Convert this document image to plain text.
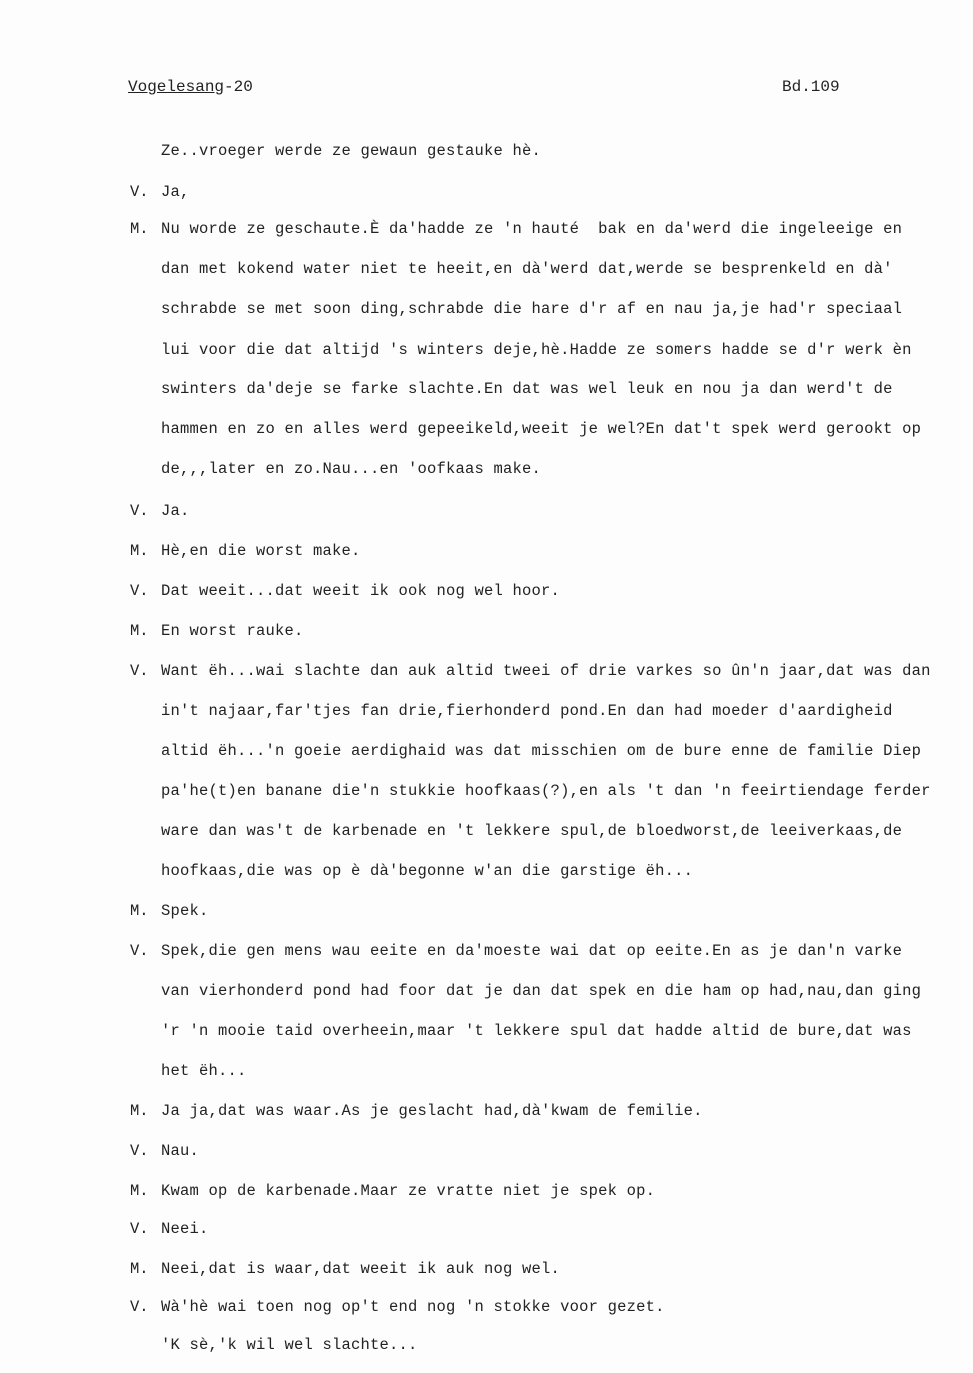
Vogelesang-20	Bd.109
Ze..vroeger werde ze gewaun gestauke hè.
V. Ja,
M. Nu worde ze geschaute.È da'hadde ze 'n hauté  bak en da'werd die ingeleeige en
dan met kokend water niet te heeit,en dà'werd dat,werde se besprenkeld en dà'
schrabde se met soon ding,schrabde die hare d'r af en nau ja,je had'r speciaal
lui voor die dat altijd 's winters deje,hè.Hadde ze somers hadde se d'r werk èn
swinters da'deje se farke slachte.En dat was wel leuk en nou ja dan werd't de
hammen en zo en alles werd gepeeikeld,weeit je wel?En dat't spek werd gerookt op
de,,,later en zo.Nau...en 'oofkaas make.
V. Ja.
M. Hè,en die worst make.
V. Dat weeit...dat weeit ik ook nog wel hoor.
M. En worst rauke.
V. Want ëh...wai slachte dan auk altid tweei of drie varkes so ûn'n jaar,dat was dan
in't najaar,far'tjes fan drie,fierhonderd pond.En dan had moeder d'aardigheid
altid ëh...'n goeie aerdighaid was dat misschien om de bure enne de familie Diep
pa'he(t)en banane die'n stukkie hoofkaas(?),en als 't dan 'n feeirtiendage ferder
ware dan was't de karbenade en 't lekkere spul,de bloedworst,de leeiverkaas,de
hoofkaas,die was op è dà'begonne w'an die garstige ëh...
M. Spek.
V. Spek,die gen mens wau eeite en da'moeste wai dat op eeite.En as je dan'n varke
van vierhonderd pond had foor dat je dan dat spek en die ham op had,nau,dan ging
'r 'n mooie taid overheein,maar 't lekkere spul dat hadde altid de bure,dat was
het ëh...
M. Ja ja,dat was waar.As je geslacht had,dà'kwam de femilie.
V. Nau.
M. Kwam op de karbenade.Maar ze vratte niet je spek op.
V. Neei.
M. Neei,dat is waar,dat weeit ik auk nog wel.
V. Wà'hè wai toen nog op't end nog 'n stokke voor gezet.
'K sè,'k wil wel slachte...
